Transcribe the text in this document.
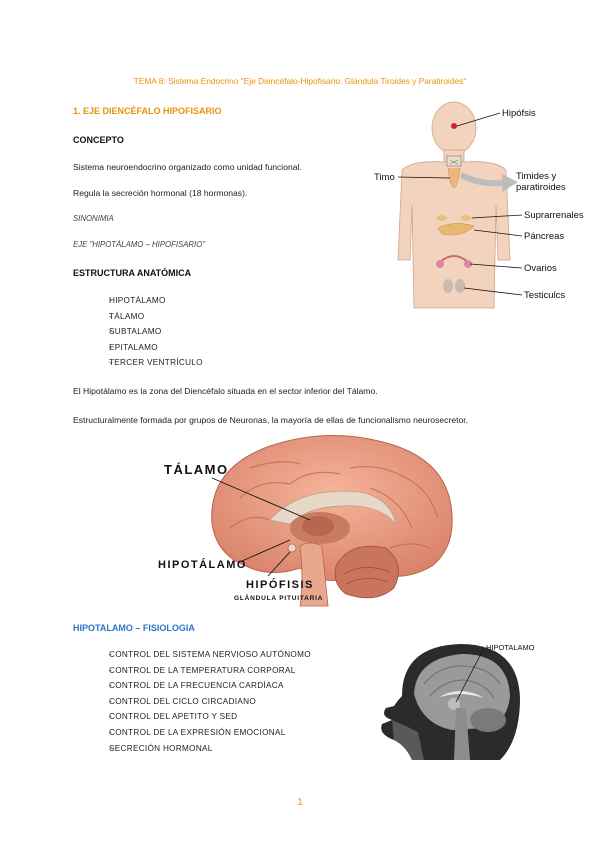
TEMA 8: Sistema Endocrino "Eje Diencéfalo-Hipofisario. Glándula Tiroides y Paratiroides"
1. EJE DIENCÉFALO HIPOFISARIO
CONCEPTO
Sistema neuroendocrino organizado como unidad funcional.
Regula la secreción hormonal (18 hormonas).
SINONIMIA
EJE "HIPOTÁLAMO – HIPOFISARIO"
ESTRUCTURA ANATÓMICA
- HIPOTÁLAMO
- TÁLAMO
- SUBTALAMO
- EPITALAMO
- TERCER VENTRÍCULO
El Hipotálamo es la zona del Diencéfalo situada en el sector inferior del Tálamo.
Estructuralmente formada por grupos de Neuronas, la mayoría de ellas de funcionalismo neurosecretor.
Hipófsis
Timo	Timides y paratiroides
Suprarrenales
Páncreas
Ovarios
Testiculcs
TÁLAMO
HIPOTÁLAMO
HIPÓFISIS
GLÁNDULA PITUITARIA
HIPOTALAMO – FISIOLOGIA
- CONTROL DEL SISTEMA NERVIOSO AUTÓNOMO
- CONTROL DE LA TEMPERATURA CORPORAL
- CONTROL DE LA FRECUENCIA CARDÍACA
- CONTROL DEL CICLO CIRCADIANO
- CONTROL DEL APETITO Y SED
- CONTROL DE LA EXPRESIÓN EMOCIONAL
- SECRECIÓN HORMONAL
HIPOTALAMO
1
